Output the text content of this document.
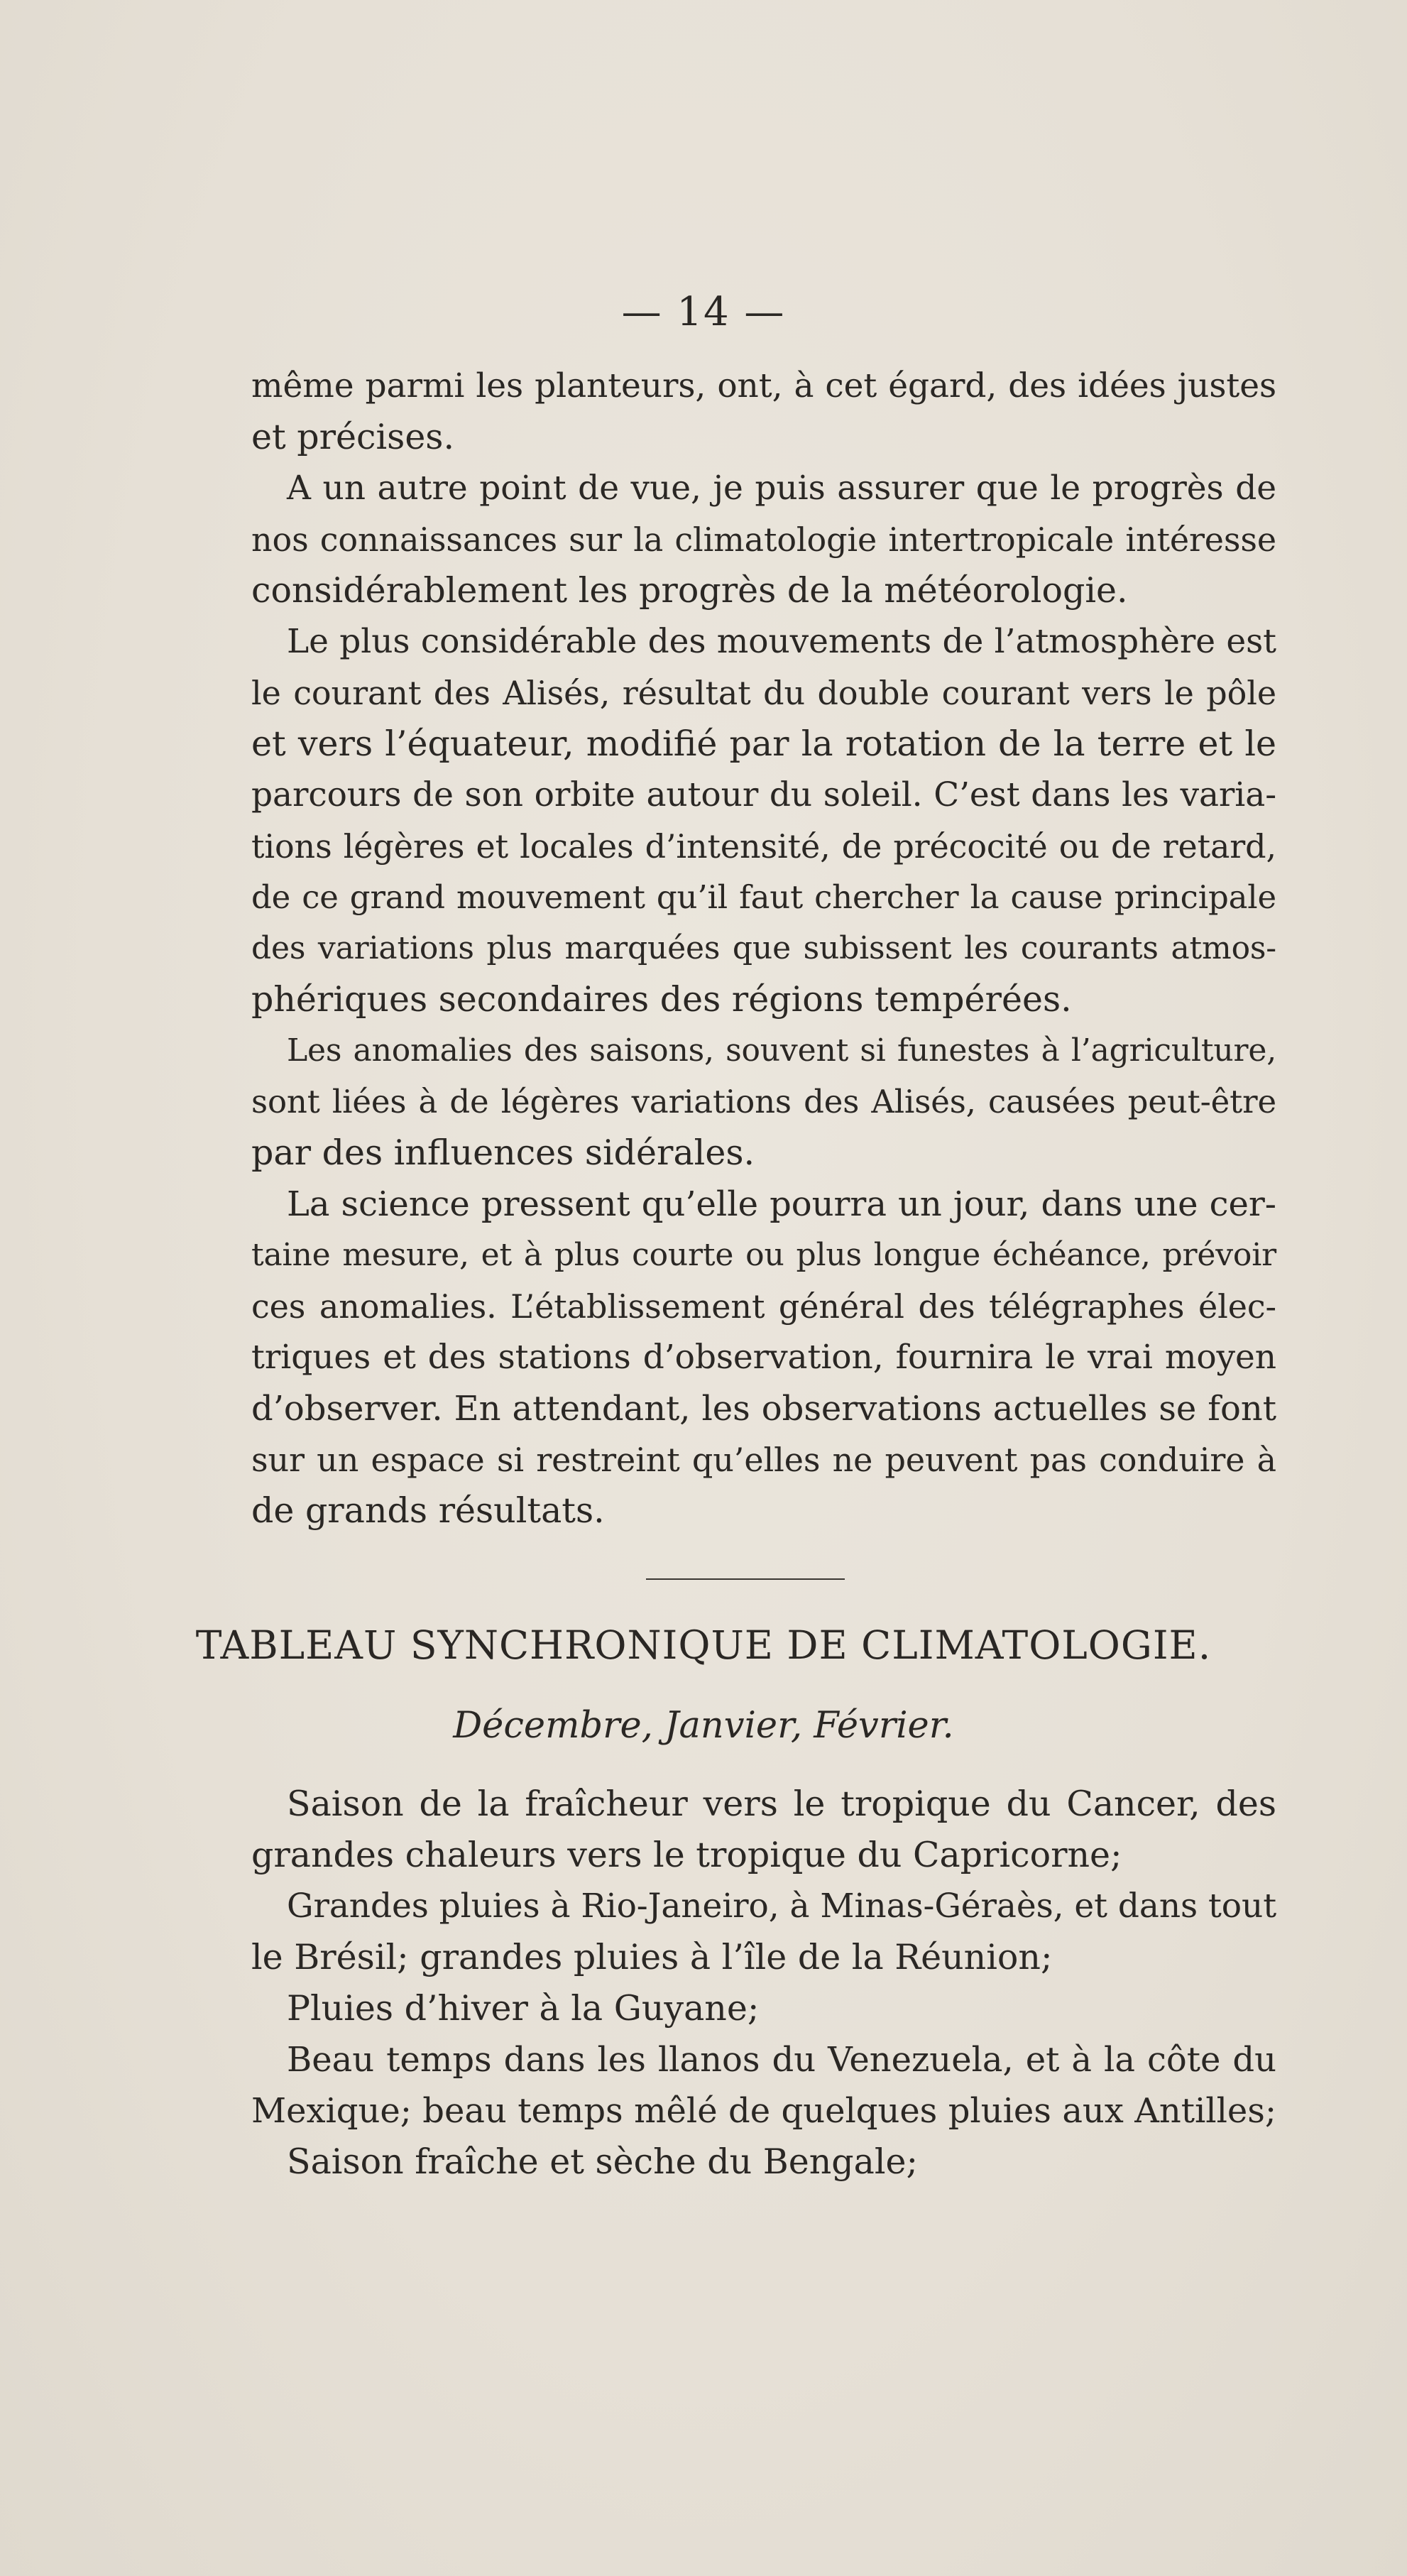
— 14 —
même parmi les planteurs, ont, à cet égard, des idées justes
et précises.
A un autre point de vue, je puis assurer que le progrès de
nos connaissances sur la climatologie intertropicale intéresse
considérablement les progrès de la météorologie.
Le plus considérable des mouvements de l’atmosphère est
le courant des Alisés, résultat du double courant vers le pôle
et vers l’équateur, modifié par la rotation de la terre et le
parcours de son orbite autour du soleil. C’est dans les varia-
tions légères et locales d’intensité, de précocité ou de retard,
de ce grand mouvement qu’il faut chercher la cause principale
des variations plus marquées que subissent les courants atmos-
phériques secondaires des régions tempérées.
Les anomalies des saisons, souvent si funestes à l’agriculture,
sont liées à de légères variations des Alisés, causées peut-être
par des influences sidérales.
La science pressent qu’elle pourra un jour, dans une cer-
taine mesure, et à plus courte ou plus longue échéance, prévoir
ces anomalies. L’établissement général des télégraphes élec-
triques et des stations d’observation, fournira le vrai moyen
d’observer. En attendant, les observations actuelles se font
sur un espace si restreint qu’elles ne peuvent pas conduire à
de grands résultats.
TABLEAU SYNCHRONIQUE DE CLIMATOLOGIE.
Décembre, Janvier, Février.
Saison de la fraîcheur vers le tropique du Cancer, des
grandes chaleurs vers le tropique du Capricorne;
Grandes pluies à Rio-Janeiro, à Minas-Géraès, et dans tout
le Brésil; grandes pluies à l’île de la Réunion;
Pluies d’hiver à la Guyane;
Beau temps dans les llanos du Venezuela, et à la côte du
Mexique; beau temps mêlé de quelques pluies aux Antilles;
Saison fraîche et sèche du Bengale;
